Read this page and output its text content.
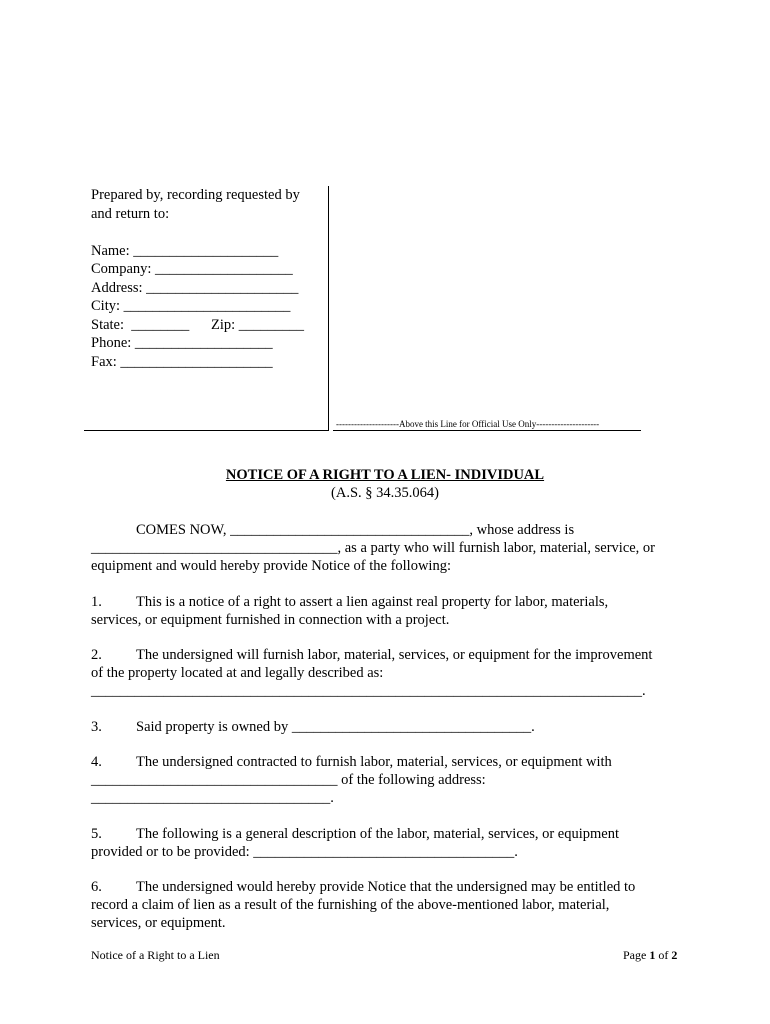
Prepared by, recording requested by
and return to:
Name: ____________________
Company: ___________________
Address: _____________________
City: _______________________
State:  ________      Zip: _________
Phone: ___________________
Fax: _____________________
---------------------Above this Line for Official Use Only---------------------
NOTICE OF A RIGHT TO A LIEN- INDIVIDUAL
(A.S. § 34.35.064)
COMES NOW, _________________________________, whose address is
__________________________________, as a party who will furnish labor, material, service, or
equipment and would hereby provide Notice of the following:
1. This is a notice of a right to assert a lien against real property for labor, materials,
services, or equipment furnished in connection with a project.
2. The undersigned will furnish labor, material, services, or equipment for the improvement
of the property located at and legally described as:
____________________________________________________________________________.
3. Said property is owned by _________________________________.
4. The undersigned contracted to furnish labor, material, services, or equipment with
__________________________________ of the following address:
_________________________________.
5. The following is a general description of the labor, material, services, or equipment
provided or to be provided: ____________________________________.
6. The undersigned would hereby provide Notice that the undersigned may be entitled to
record a claim of lien as a result of the furnishing of the above-mentioned labor, material,
services, or equipment.
Notice of a Right to a Lien	Page 1 of 2
